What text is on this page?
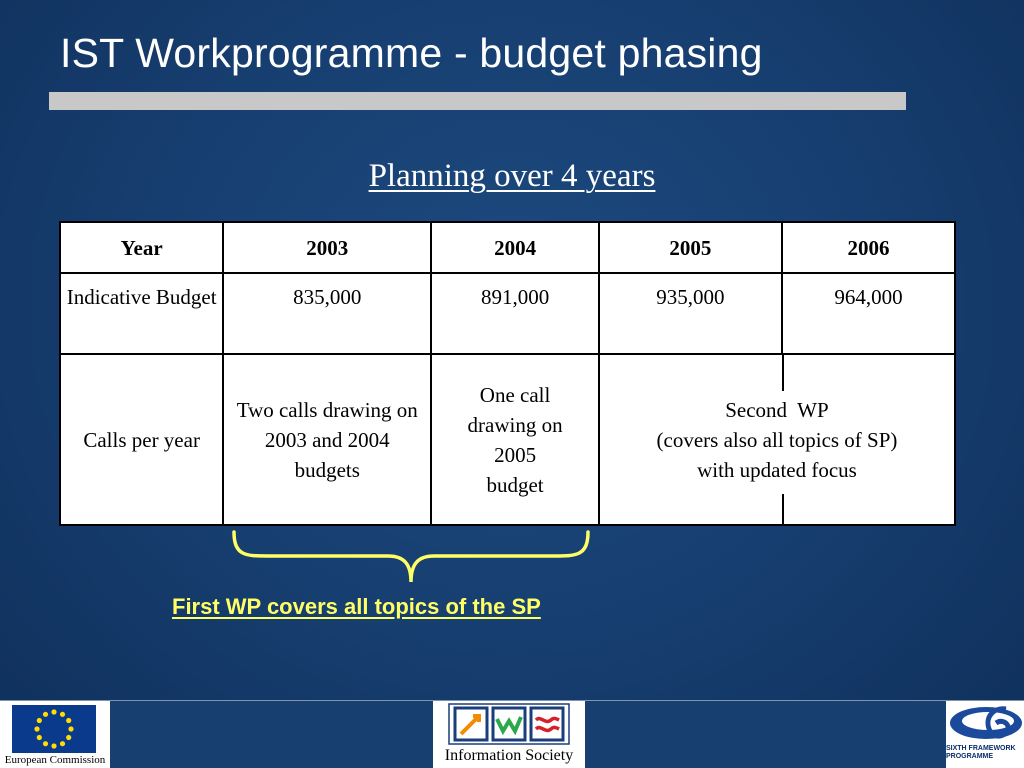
IST Workprogramme - budget phasing
Planning over 4 years
Year	2003	2004	2005	2006
Indicative Budget	835,000	891,000	935,000	964,000
Calls per year	Two calls drawing on 2003 and 2004 budgets	One call drawing on 2005 budget	Second  WP
(covers also all topics of SP)
with updated focus	
First WP covers all topics of the SP
European Commission	Information Society	SIXTH FRAMEWORK
PROGRAMME
